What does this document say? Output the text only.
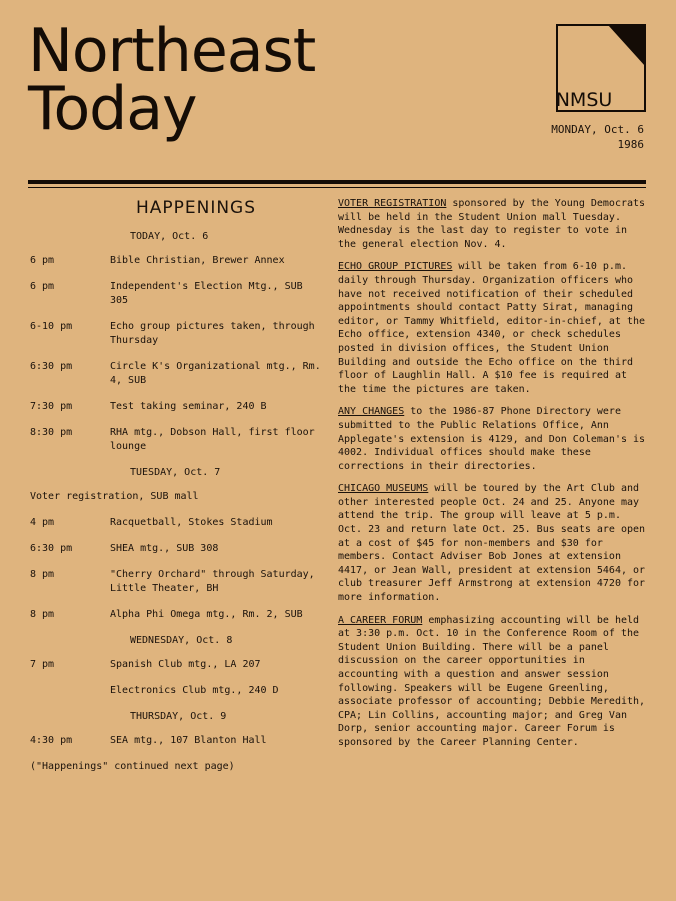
Northeast
Today	NMSU
MONDAY, Oct. 6
1986
HAPPENINGS
TODAY, Oct. 6
6 pm	Bible Christian, Brewer Annex
6 pm	Independent's Election Mtg., SUB 305
6-10 pm	Echo group pictures taken, through Thursday
6:30 pm	Circle K's Organizational mtg., Rm. 4, SUB
7:30 pm	Test taking seminar, 240 B
8:30 pm	RHA mtg., Dobson Hall, first floor lounge
TUESDAY, Oct. 7
Voter registration, SUB mall
4 pm	Racquetball, Stokes Stadium
6:30 pm	SHEA mtg., SUB 308
8 pm	"Cherry Orchard" through Saturday, Little Theater, BH
8 pm	Alpha Phi Omega mtg., Rm. 2, SUB
WEDNESDAY, Oct. 8
7 pm	Spanish Club mtg., LA 207
Electronics Club mtg., 240 D
THURSDAY, Oct. 9
4:30 pm	SEA mtg., 107 Blanton Hall
("Happenings" continued next page)

VOTER REGISTRATION sponsored by the Young Democrats will be held in the Student Union mall Tuesday. Wednesday is the last day to register to vote in the general election Nov. 4.

ECHO GROUP PICTURES will be taken from 6-10 p.m. daily through Thursday. Organization officers who have not received notification of their scheduled appointments should contact Patty Sirat, managing editor, or Tammy Whitfield, editor-in-chief, at the Echo office, extension 4340, or check schedules posted in division offices, the Student Union Building and outside the Echo office on the third floor of Laughlin Hall. A $10 fee is required at the time the pictures are taken.

ANY CHANGES to the 1986-87 Phone Directory were submitted to the Public Relations Office, Ann Applegate's extension is 4129, and Don Coleman's is 4002. Individual offices should make these corrections in their directories.

CHICAGO MUSEUMS will be toured by the Art Club and other interested people Oct. 24 and 25. Anyone may attend the trip. The group will leave at 5 p.m. Oct. 23 and return late Oct. 25. Bus seats are open at a cost of $45 for non-members and $30 for members. Contact Adviser Bob Jones at extension 4417, or Jean Wall, president at extension 5464, or club treasurer Jeff Armstrong at extension 4720 for more information.

A CAREER FORUM emphasizing accounting will be held at 3:30 p.m. Oct. 10 in the Conference Room of the Student Union Building. There will be a panel discussion on the career opportunities in accounting with a question and answer session following. Speakers will be Eugene Greenling, associate professor of accounting; Debbie Meredith, CPA; Lin Collins, accounting major; and Greg Van Dorp, senior accounting major. Career Forum is sponsored by the Career Planning Center.
